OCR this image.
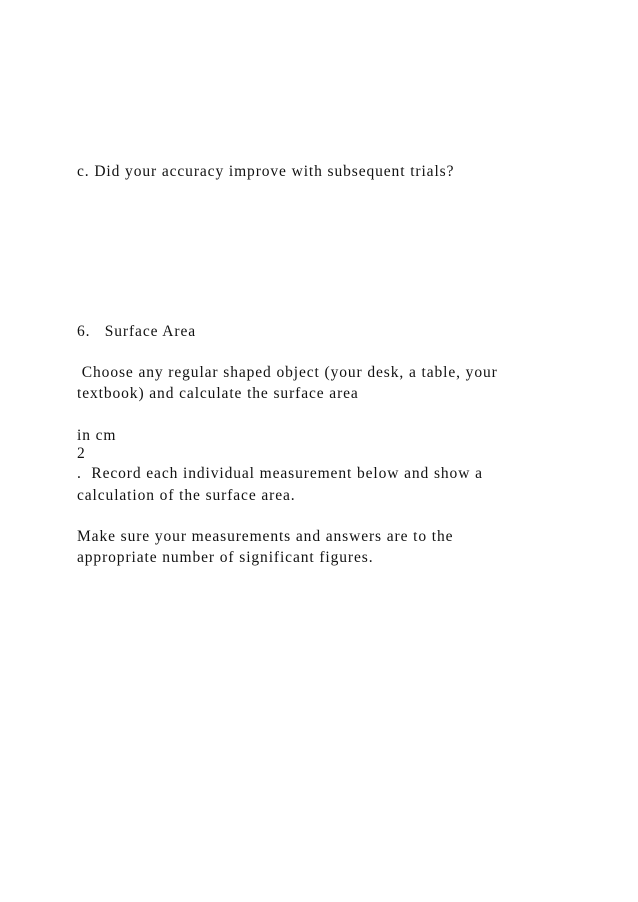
c. Did your accuracy improve with subsequent trials?
6.   Surface Area
Choose any regular shaped object (your desk, a table, your
textbook) and calculate the surface area
in cm
2
.  Record each individual measurement below and show a
calculation of the surface area.
Make sure your measurements and answers are to the
appropriate number of significant figures.
